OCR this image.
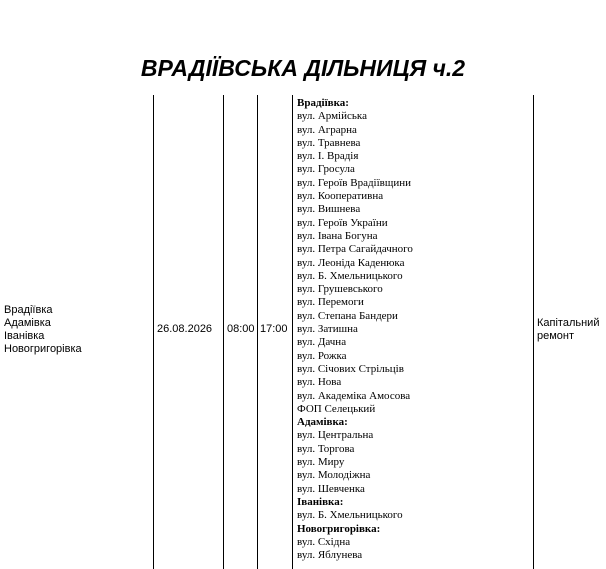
ВРАДІЇВСЬКА ДІЛЬНИЦЯ ч.2
Врадіївка
Адамівка
Іванівка
Новогригорівка
26.08.2026 08:00 17:00
Врадіївка:
вул. Армійська
вул. Аграрна
вул. Травнева
вул. І. Врадія
вул. Гросула
вул. Героїв Врадіївщини
вул. Кооперативна
вул. Вишнева
вул. Героїв України
вул. Івана Богуна
вул. Петра Сагайдачного
вул. Леоніда Каденюка
вул. Б. Хмельницького
вул. Грушевського
вул. Перемоги
вул. Степана Бандери
вул. Затишна
вул. Дачна
вул. Рожка
вул. Січових Стрільців
вул. Нова
вул. Академіка Амосова
ФОП Селецький
Адамівка:
вул. Центральна
вул. Торгова
вул. Миру
вул. Молодіжна
вул. Шевченка
Іванівка:
вул. Б. Хмельницького
Новогригорівка:
вул. Східна
вул. Яблунева
Капітальний
ремонт
